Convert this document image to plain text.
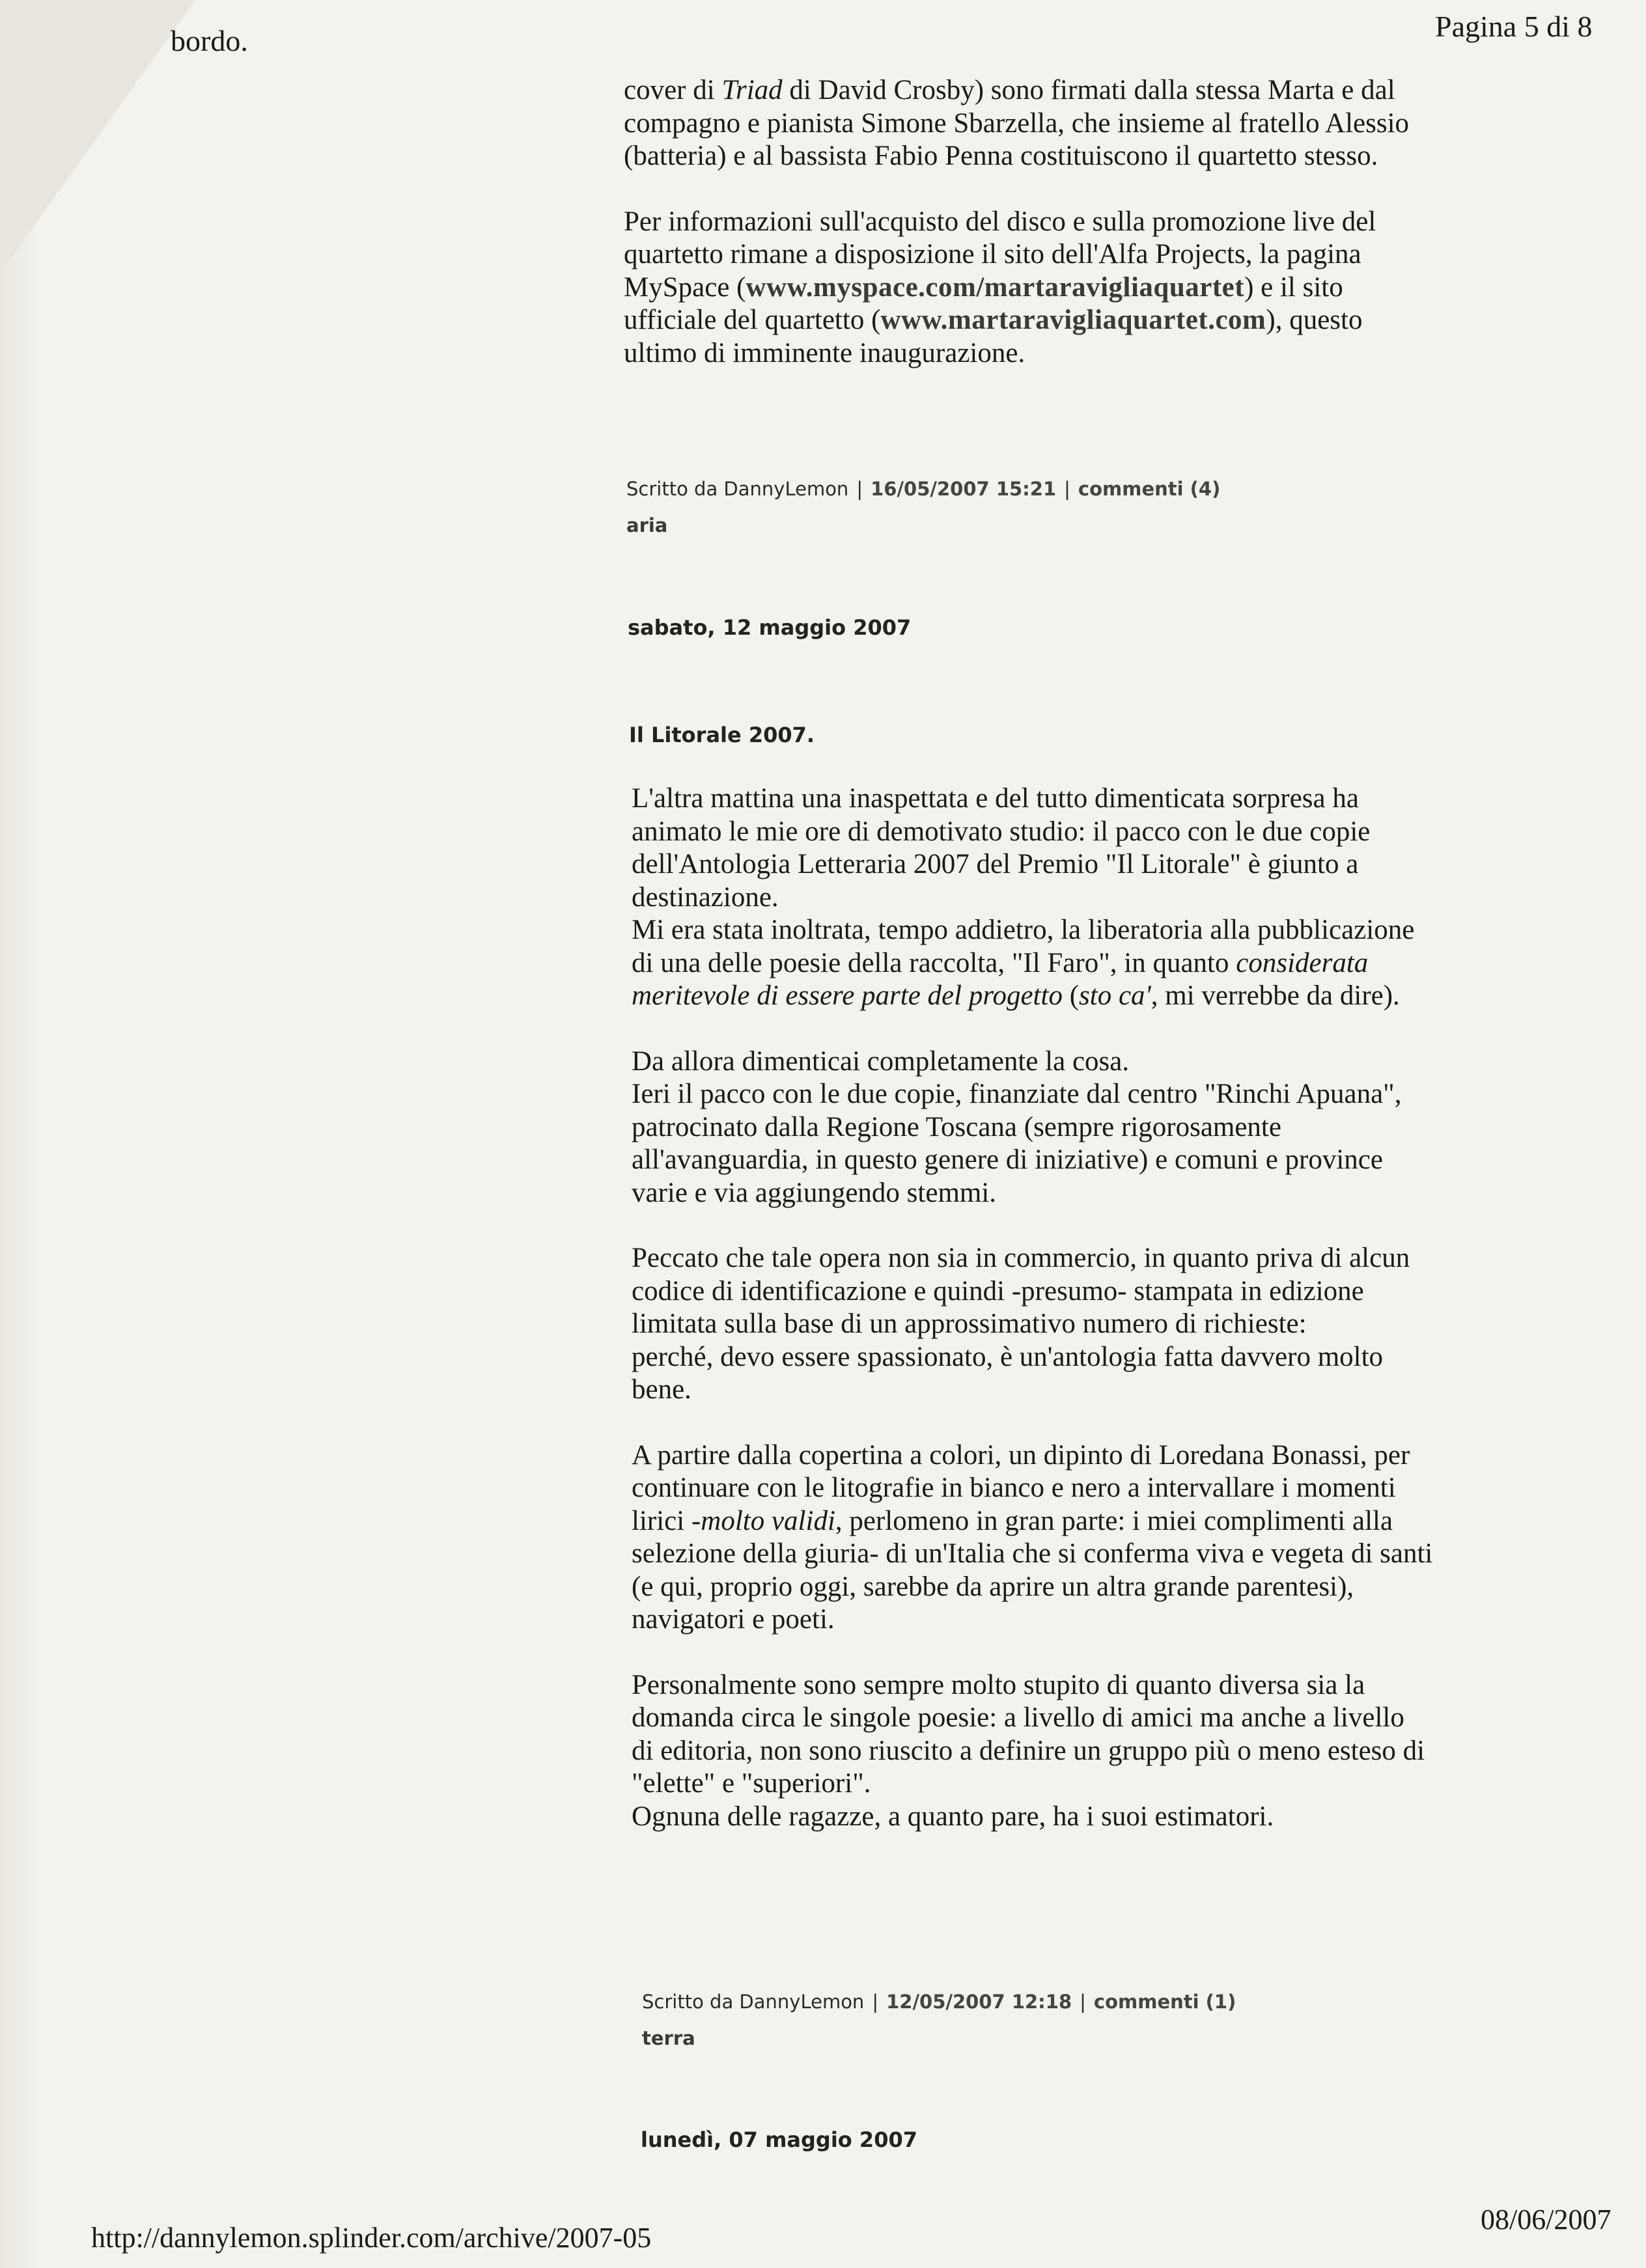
bordo.	Pagina 5 di 8

cover di Triad di David Crosby) sono firmati dalla stessa Marta e dal
compagno e pianista Simone Sbarzella, che insieme al fratello Alessio
(batteria) e al bassista Fabio Penna costituiscono il quartetto stesso.

Per informazioni sull'acquisto del disco e sulla promozione live del
quartetto rimane a disposizione il sito dell'Alfa Projects, la pagina
MySpace (www.myspace.com/martaravigliaquartet) e il sito
ufficiale del quartetto (www.martaravigliaquartet.com), questo
ultimo di imminente inaugurazione.

Scritto da DannyLemon | 16/05/2007 15:21 | commenti (4)
aria
sabato, 12 maggio 2007
Il Litorale 2007.

L'altra mattina una inaspettata e del tutto dimenticata sorpresa ha
animato le mie ore di demotivato studio: il pacco con le due copie
dell'Antologia Letteraria 2007 del Premio "Il Litorale" è giunto a
destinazione.
Mi era stata inoltrata, tempo addietro, la liberatoria alla pubblicazione
di una delle poesie della raccolta, "Il Faro", in quanto considerata
meritevole di essere parte del progetto (sto ca', mi verrebbe da dire).

Da allora dimenticai completamente la cosa.
Ieri il pacco con le due copie, finanziate dal centro "Rinchi Apuana",
patrocinato dalla Regione Toscana (sempre rigorosamente
all'avanguardia, in questo genere di iniziative) e comuni e province
varie e via aggiungendo stemmi.

Peccato che tale opera non sia in commercio, in quanto priva di alcun
codice di identificazione e quindi -presumo- stampata in edizione
limitata sulla base di un approssimativo numero di richieste:
perché, devo essere spassionato, è un'antologia fatta davvero molto
bene.

A partire dalla copertina a colori, un dipinto di Loredana Bonassi, per
continuare con le litografie in bianco e nero a intervallare i momenti
lirici -molto validi, perlomeno in gran parte: i miei complimenti alla
selezione della giuria- di un'Italia che si conferma viva e vegeta di santi
(e qui, proprio oggi, sarebbe da aprire un altra grande parentesi),
navigatori e poeti.

Personalmente sono sempre molto stupito di quanto diversa sia la
domanda circa le singole poesie: a livello di amici ma anche a livello
di editoria, non sono riuscito a definire un gruppo più o meno esteso di
"elette" e "superiori".
Ognuna delle ragazze, a quanto pare, ha i suoi estimatori.

Scritto da DannyLemon | 12/05/2007 12:18 | commenti (1)
terra
lunedì, 07 maggio 2007
http://dannylemon.splinder.com/archive/2007-05
08/06/2007
